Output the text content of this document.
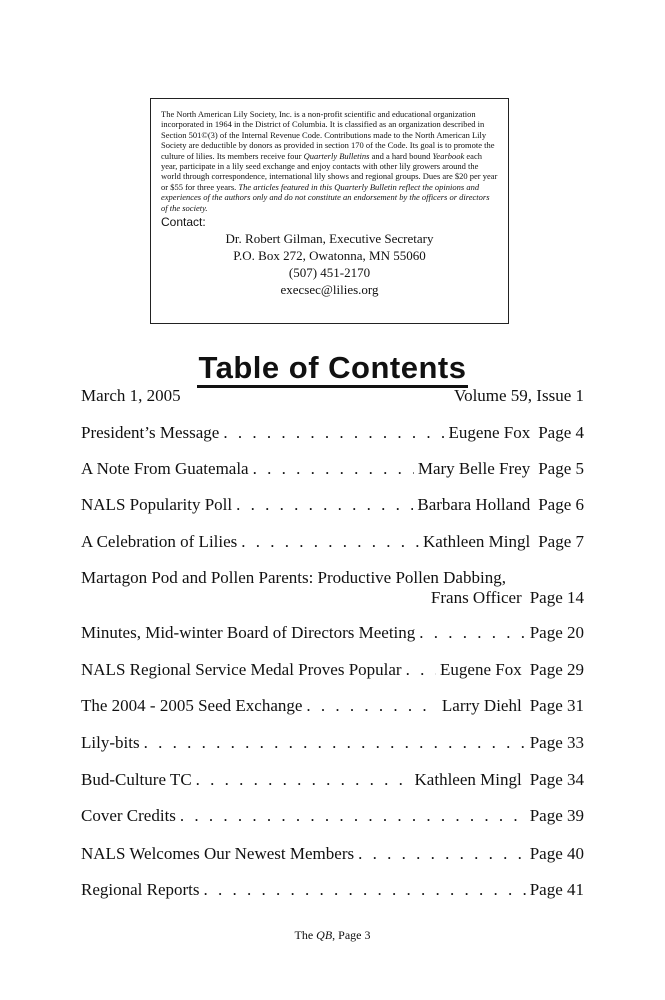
The North American Lily Society, Inc. is a non-profit scientific and educational organization incorporated in 1964 in the District of Columbia. It is classified as an organization described in Section 501©(3) of the Internal Revenue Code. Contributions made to the North American Lily Society are deductible by donors as provided in section 170 of the Code. Its goal is to promote the culture of lilies. Its members receive four Quarterly Bulletins and a hard bound Yearbook each year, participate in a lily seed exchange and enjoy contacts with other lily growers around the world through correspondence, international lily shows and regional groups. Dues are $20 per year or $55 for three years. The articles featured in this Quarterly Bulletin reflect the opinions and experiences of the authors only and do not constitute an endorsement by the officers or directors of the society.

Contact:
Dr. Robert Gilman, Executive Secretary
P.O. Box 272, Owatonna, MN 55060
(507) 451-2170
execsec@lilies.org
Table of Contents
March 1, 2005	Volume 59, Issue 1
President’s Message . . .	Eugene Fox Page 4
A Note From Guatemala . . .	Mary Belle Frey Page 5
NALS Popularity Poll . . .	Barbara Holland Page 6
A Celebration of Lilies . . .	Kathleen Mingl Page 7
Martagon Pod and Pollen Parents: Productive Pollen Dabbing,
Frans Officer Page 14
Minutes, Mid-winter Board of Directors Meeting . . .	Page 20
NALS Regional Service Medal Proves Popular . . . Eugene Fox Page 29
The 2004 - 2005 Seed Exchange . . .	Larry Diehl Page 31
Lily-bits . . .	Page 33
Bud-Culture TC . . .	Kathleen Mingl Page 34
Cover Credits . . .	Page 39
NALS Welcomes Our Newest Members . . .	Page 40
Regional Reports . . .	Page 41
The QB, Page 3
